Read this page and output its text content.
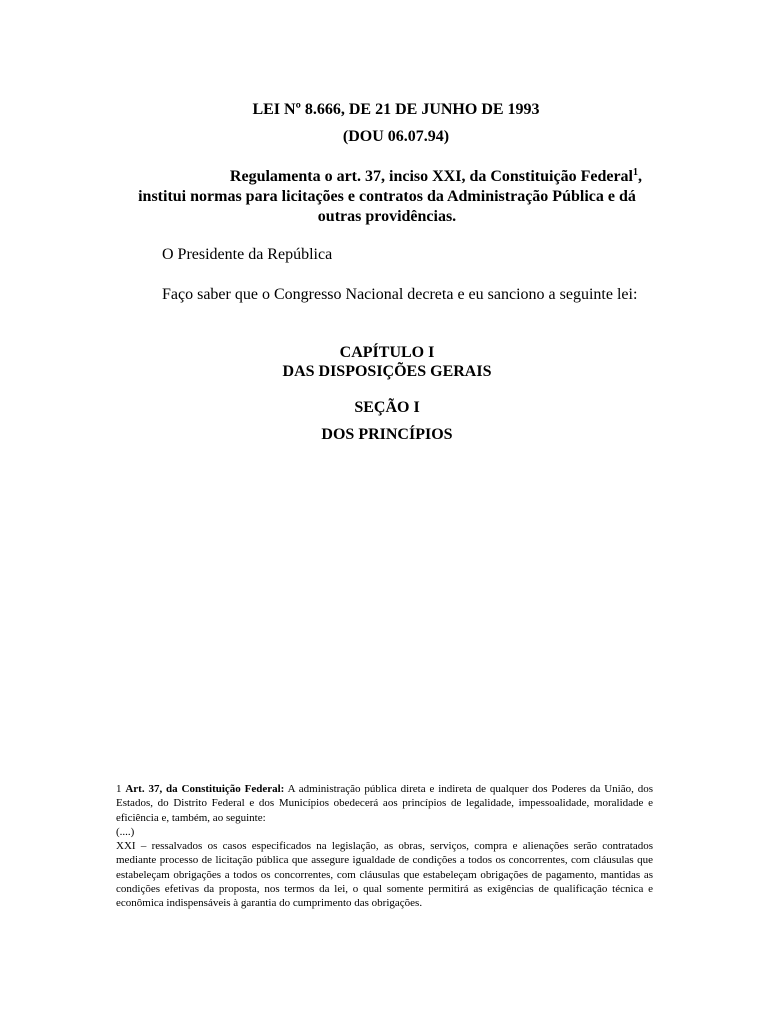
LEI Nº 8.666, DE 21 DE JUNHO DE 1993
(DOU 06.07.94)
Regulamenta o art. 37, inciso XXI, da Constituição Federal$^1$,
institui normas para licitações e contratos da Administração Pública e dá outras providências.
O Presidente da República
Faço saber que o Congresso Nacional decreta e eu sanciono a seguinte lei:
CAPÍTULO I
DAS DISPOSIÇÕES GERAIS
SEÇÃO I
DOS PRINCÍPIOS

1 Art. 37, da Constituição Federal: A administração pública direta e indireta de qualquer dos Poderes da União, dos Estados, do Distrito Federal e dos Municípios obedecerá aos princípios de legalidade, impessoalidade, moralidade e eficiência e, também, ao seguinte:

(....)

XXI – ressalvados os casos especificados na legislação, as obras, serviços, compra e alienações serão contratados mediante processo de licitação pública que assegure igualdade de condições a todos os concorrentes, com cláusulas que estabeleçam obrigações a todos os concorrentes, com cláusulas que estabeleçam obrigações de pagamento, mantidas as condições efetivas da proposta, nos termos da lei, o qual somente permitirá as exigências de qualificação técnica e econômica indispensáveis à garantia do cumprimento das obrigações.
